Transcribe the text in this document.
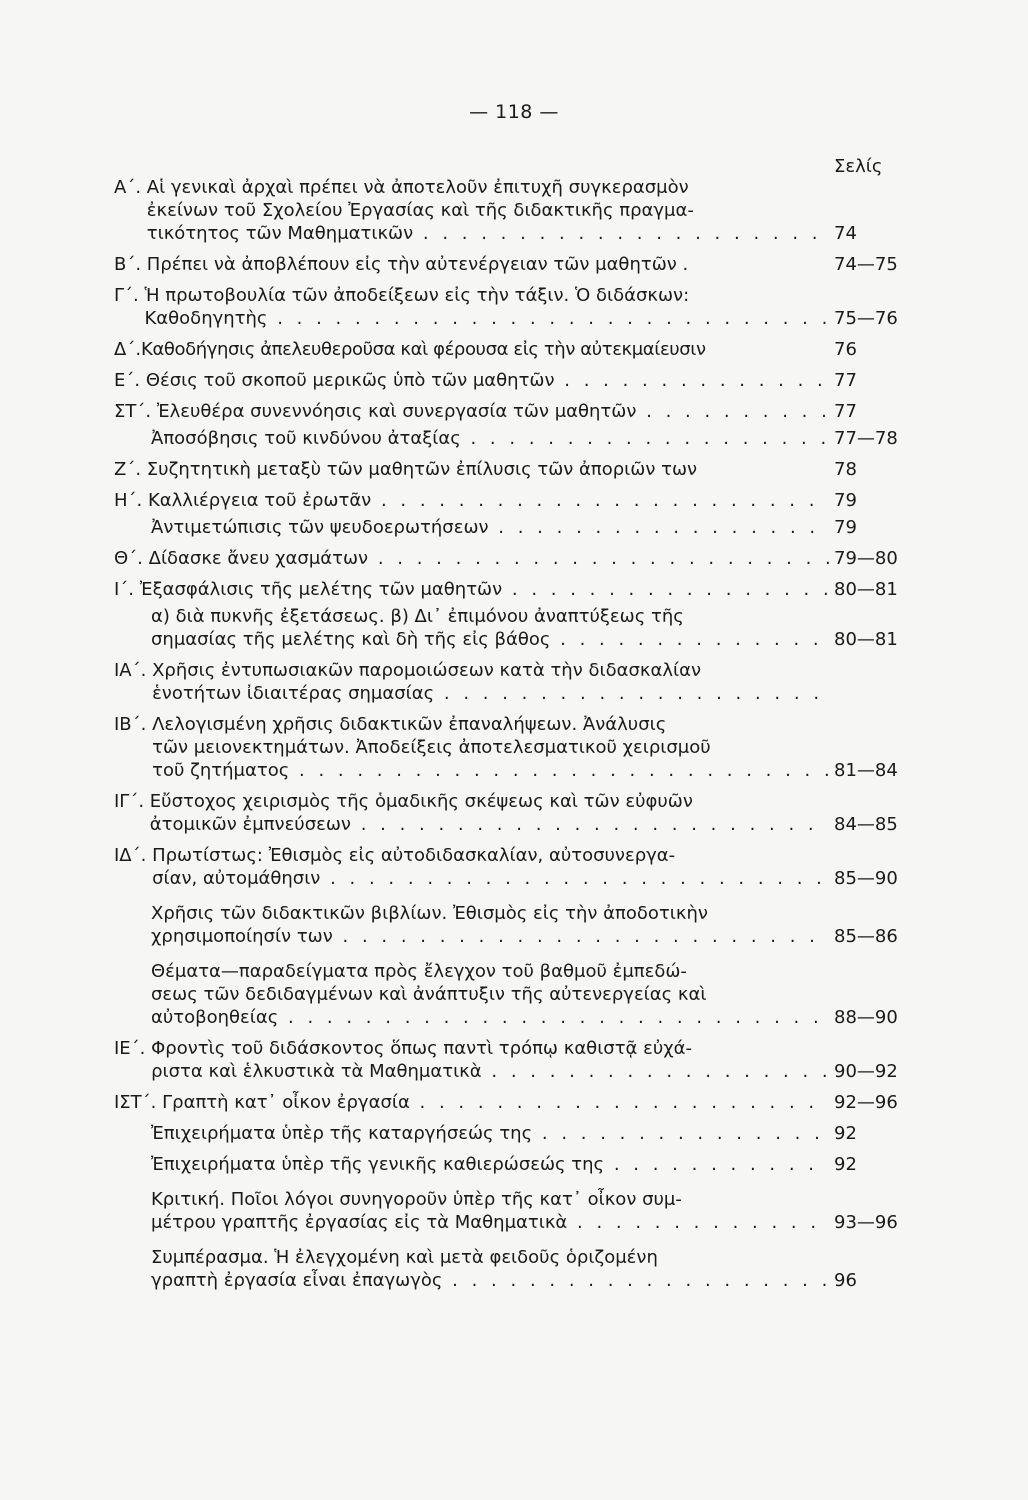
— 118 —
Σελίς
Α΄. Αἱ γενικαὶ ἀρχαὶ πρέπει νὰ ἀποτελοῦν ἐπιτυχῆ συγκερασμὸν
ἐκείνων τοῦ Σχολείου Ἐργασίας καὶ τῆς διδακτικῆς πραγμα-
τικότητος τῶν Μαθηματικῶν . . .	74
Β΄. Πρέπει νὰ ἀποβλέπουν εἰς τὴν αὐτενέργειαν τῶν μαθητῶν .	74—75
Γ΄. Ἡ πρωτοβουλία τῶν ἀποδείξεων εἰς τὴν τάξιν. Ὁ διδάσκων:
Καθοδηγητὴς . . .	75—76
Δ΄. Καθοδήγησις ἀπελευθεροῦσα καὶ φέρουσα εἰς τὴν αὐτεκμαίευσιν	76
Ε΄. Θέσις τοῦ σκοποῦ μερικῶς ὑπὸ τῶν μαθητῶν . . .	77
ΣΤ΄. Ἐλευθέρα συνεννόησις καὶ συνεργασία τῶν μαθητῶν . . .	77
Ἀποσόβησις τοῦ κινδύνου ἀταξίας . . .	77—78
Ζ΄. Συζητητικὴ μεταξὺ τῶν μαθητῶν ἐπίλυσις τῶν ἀποριῶν των	78
Η΄. Καλλιέργεια τοῦ ἐρωτᾶν . . .	79
Ἀντιμετώπισις τῶν ψευδοερωτήσεων . . .	79
Θ΄. Δίδασκε ἄνευ χασμάτων . . .	79—80
Ι΄. Ἐξασφάλισις τῆς μελέτης τῶν μαθητῶν . . .	80—81
α) διὰ πυκνῆς ἐξετάσεως. β) Δι᾿ ἐπιμόνου ἀναπτύξεως τῆς
σημασίας τῆς μελέτης καὶ δὴ τῆς εἰς βάθος . . .	80—81
ΙΑ΄. Χρῆσις ἐντυπωσιακῶν παρομοιώσεων κατὰ τὴν διδασκαλίαν
ἑνοτήτων ἰδιαιτέρας σημασίας . . .
ΙΒ΄. Λελογισμένη χρῆσις διδακτικῶν ἐπαναλήψεων. Ἀνάλυσις
τῶν μειονεκτημάτων. Ἀποδείξεις ἀποτελεσματικοῦ χειρισμοῦ
τοῦ ζητήματος . . .	81—84
ΙΓ΄. Εὔστοχος χειρισμὸς τῆς ὁμαδικῆς σκέψεως καὶ τῶν εὐφυῶν
ἀτομικῶν ἐμπνεύσεων . . .	84—85
ΙΔ΄. Πρωτίστως: Ἐθισμὸς εἰς αὐτοδιδασκαλίαν, αὐτοσυνεργα-
σίαν, αὐτομάθησιν . . .	85—90
Χρῆσις τῶν διδακτικῶν βιβλίων. Ἐθισμὸς εἰς τὴν ἀποδοτικὴν
χρησιμοποίησίν των . . .	85—86
Θέματα—παραδείγματα πρὸς ἔλεγχον τοῦ βαθμοῦ ἐμπεδώ-
σεως τῶν δεδιδαγμένων καὶ ἀνάπτυξιν τῆς αὐτενεργείας καὶ
αὐτοβοηθείας . . .	88—90
ΙΕ΄. Φροντὶς τοῦ διδάσκοντος ὅπως παντὶ τρόπῳ καθιστᾷ εὐχά-
ριστα καὶ ἑλκυστικὰ τὰ Μαθηματικὰ . . .	90—92
ΙΣΤ΄. Γραπτὴ κατ᾿ οἶκον ἐργασία . . .	92—96
Ἐπιχειρήματα ὑπὲρ τῆς καταργήσεώς της . . .	92
Ἐπιχειρήματα ὑπὲρ τῆς γενικῆς καθιερώσεώς της . . .	92
Κριτική. Ποῖοι λόγοι συνηγοροῦν ὑπὲρ τῆς κατ᾿ οἶκον συμ-
μέτρου γραπτῆς ἐργασίας εἰς τὰ Μαθηματικὰ . . .	93—96
Συμπέρασμα. Ἡ ἐλεγχομένη καὶ μετὰ φειδοῦς ὁριζομένη
γραπτὴ ἐργασία εἶναι ἐπαγωγὸς . . .	96
